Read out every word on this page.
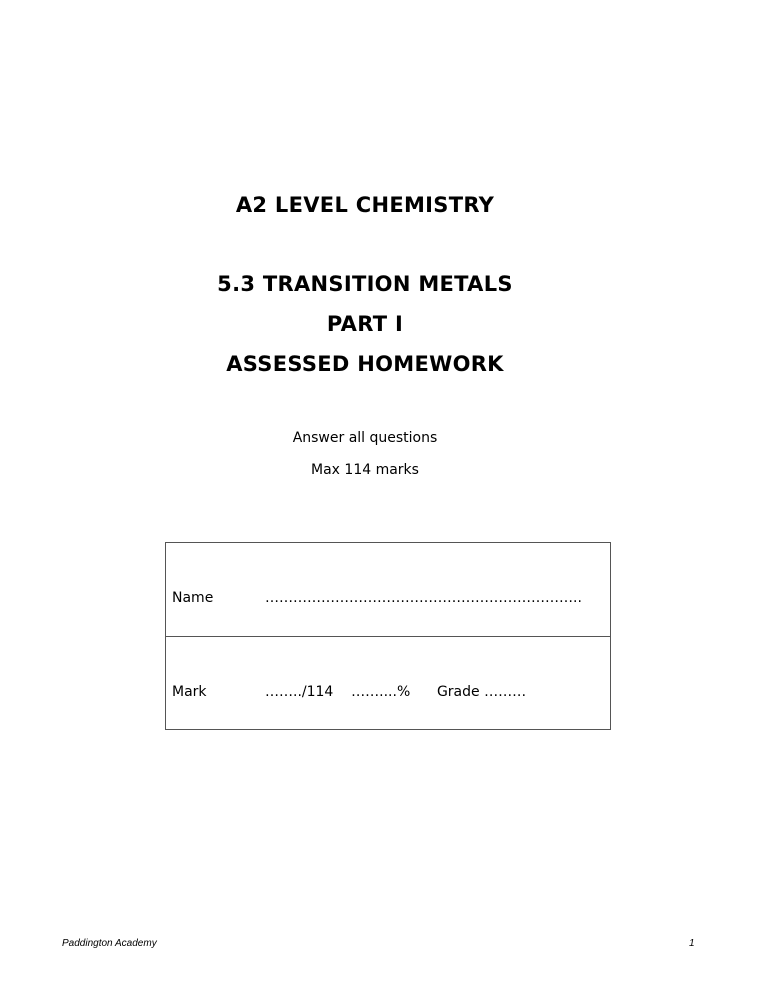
A2 LEVEL CHEMISTRY
5.3 TRANSITION METALS
PART I
ASSESSED HOMEWORK
Answer all questions
Max 114 marks
Name	…………………………………………………………..
Mark	……../114    ……....%      Grade ………
Paddington Academy	1
